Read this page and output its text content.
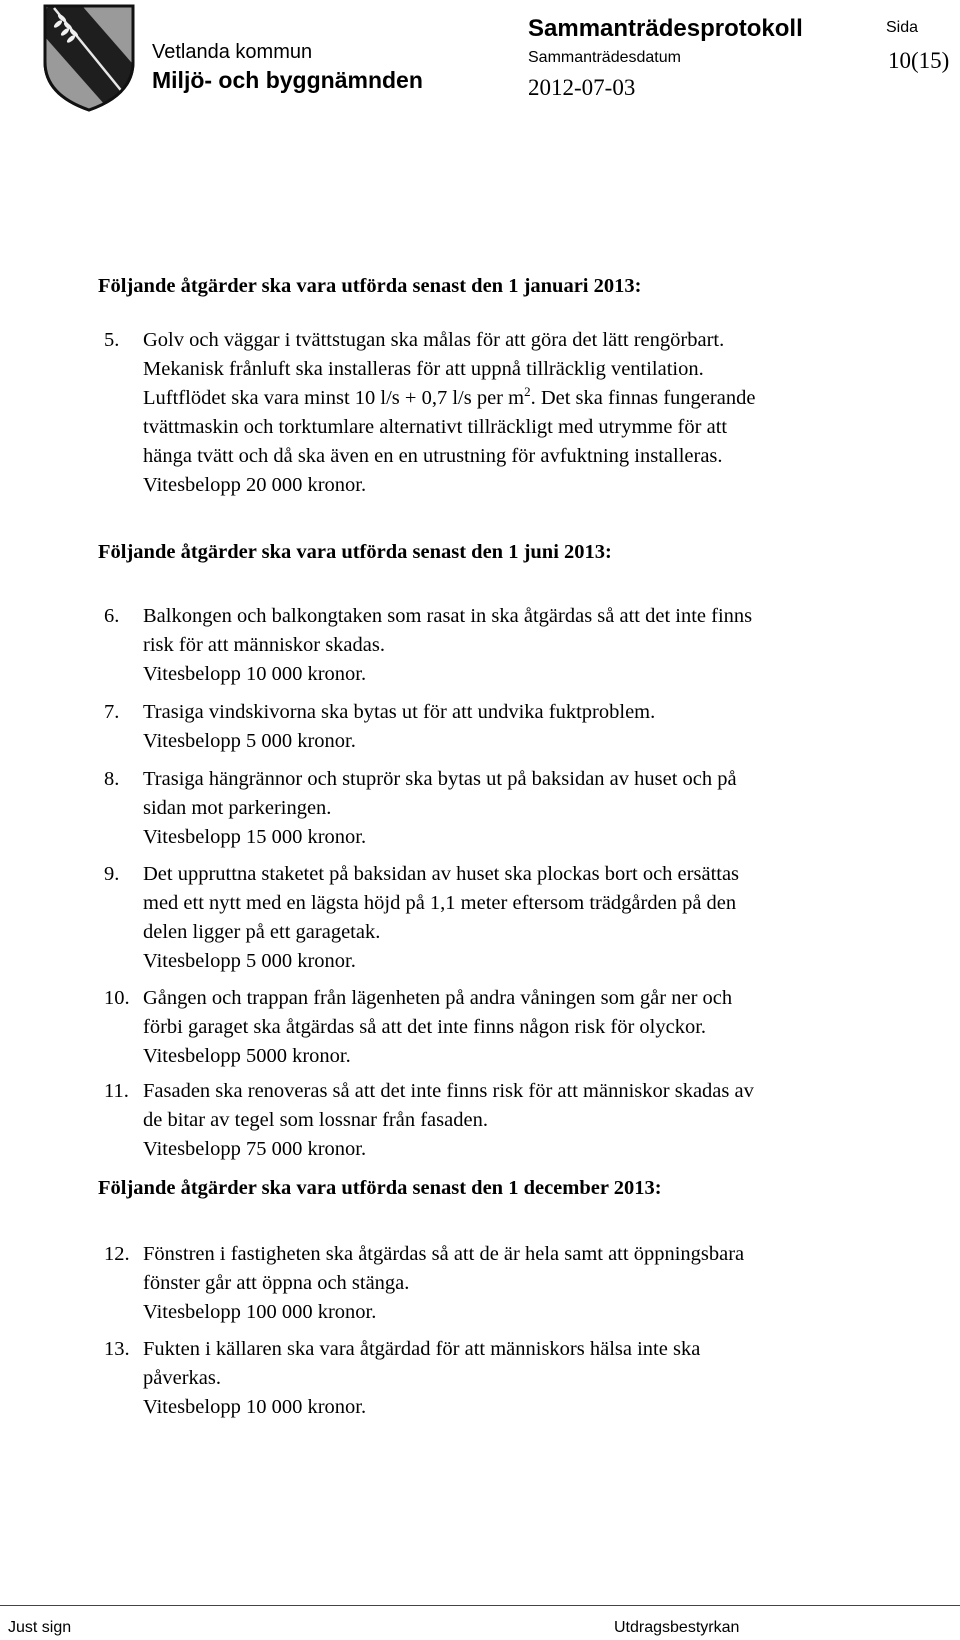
Vetlanda kommun
Miljö- och byggnämnden
Sammanträdesprotokoll
Sammanträdesdatum
2012-07-03
Sida
10(15)
Följande åtgärder ska vara utförda senast den 1 januari 2013:
5. Golv och väggar i tvättstugan ska målas för att göra det lätt rengörbart.
Mekanisk frånluft ska installeras för att uppnå tillräcklig ventilation.
Luftflödet ska vara minst 10 l/s + 0,7 l/s per $m^2$. Det ska finnas fungerande
tvättmaskin och torktumlare alternativt tillräckligt med utrymme för att
hänga tvätt och då ska även en en utrustning för avfuktning installeras.
Vitesbelopp 20 000 kronor.
Följande åtgärder ska vara utförda senast den 1 juni 2013:
6. Balkongen och balkongtaken som rasat in ska åtgärdas så att det inte finns
risk för att människor skadas.
Vitesbelopp 10 000 kronor.
7. Trasiga vindskivorna ska bytas ut för att undvika fuktproblem.
Vitesbelopp 5 000 kronor.
8. Trasiga hängrännor och stuprör ska bytas ut på baksidan av huset och på
sidan mot parkeringen.
Vitesbelopp 15 000 kronor.
9. Det uppruttna staketet på baksidan av huset ska plockas bort och ersättas
med ett nytt med en lägsta höjd på 1,1 meter eftersom trädgården på den
delen ligger på ett garagetak.
Vitesbelopp 5 000 kronor.
10. Gången och trappan från lägenheten på andra våningen som går ner och
förbi garaget ska åtgärdas så att det inte finns någon risk för olyckor.
Vitesbelopp 5000 kronor.
11. Fasaden ska renoveras så att det inte finns risk för att människor skadas av
de bitar av tegel som lossnar från fasaden.
Vitesbelopp 75 000 kronor.
Följande åtgärder ska vara utförda senast den 1 december 2013:
12. Fönstren i fastigheten ska åtgärdas så att de är hela samt att öppningsbara
fönster går att öppna och stänga.
Vitesbelopp 100 000 kronor.
13. Fukten i källaren ska vara åtgärdad för att människors hälsa inte ska
påverkas.
Vitesbelopp 10 000 kronor.
Just sign	Utdragsbestyrkan
